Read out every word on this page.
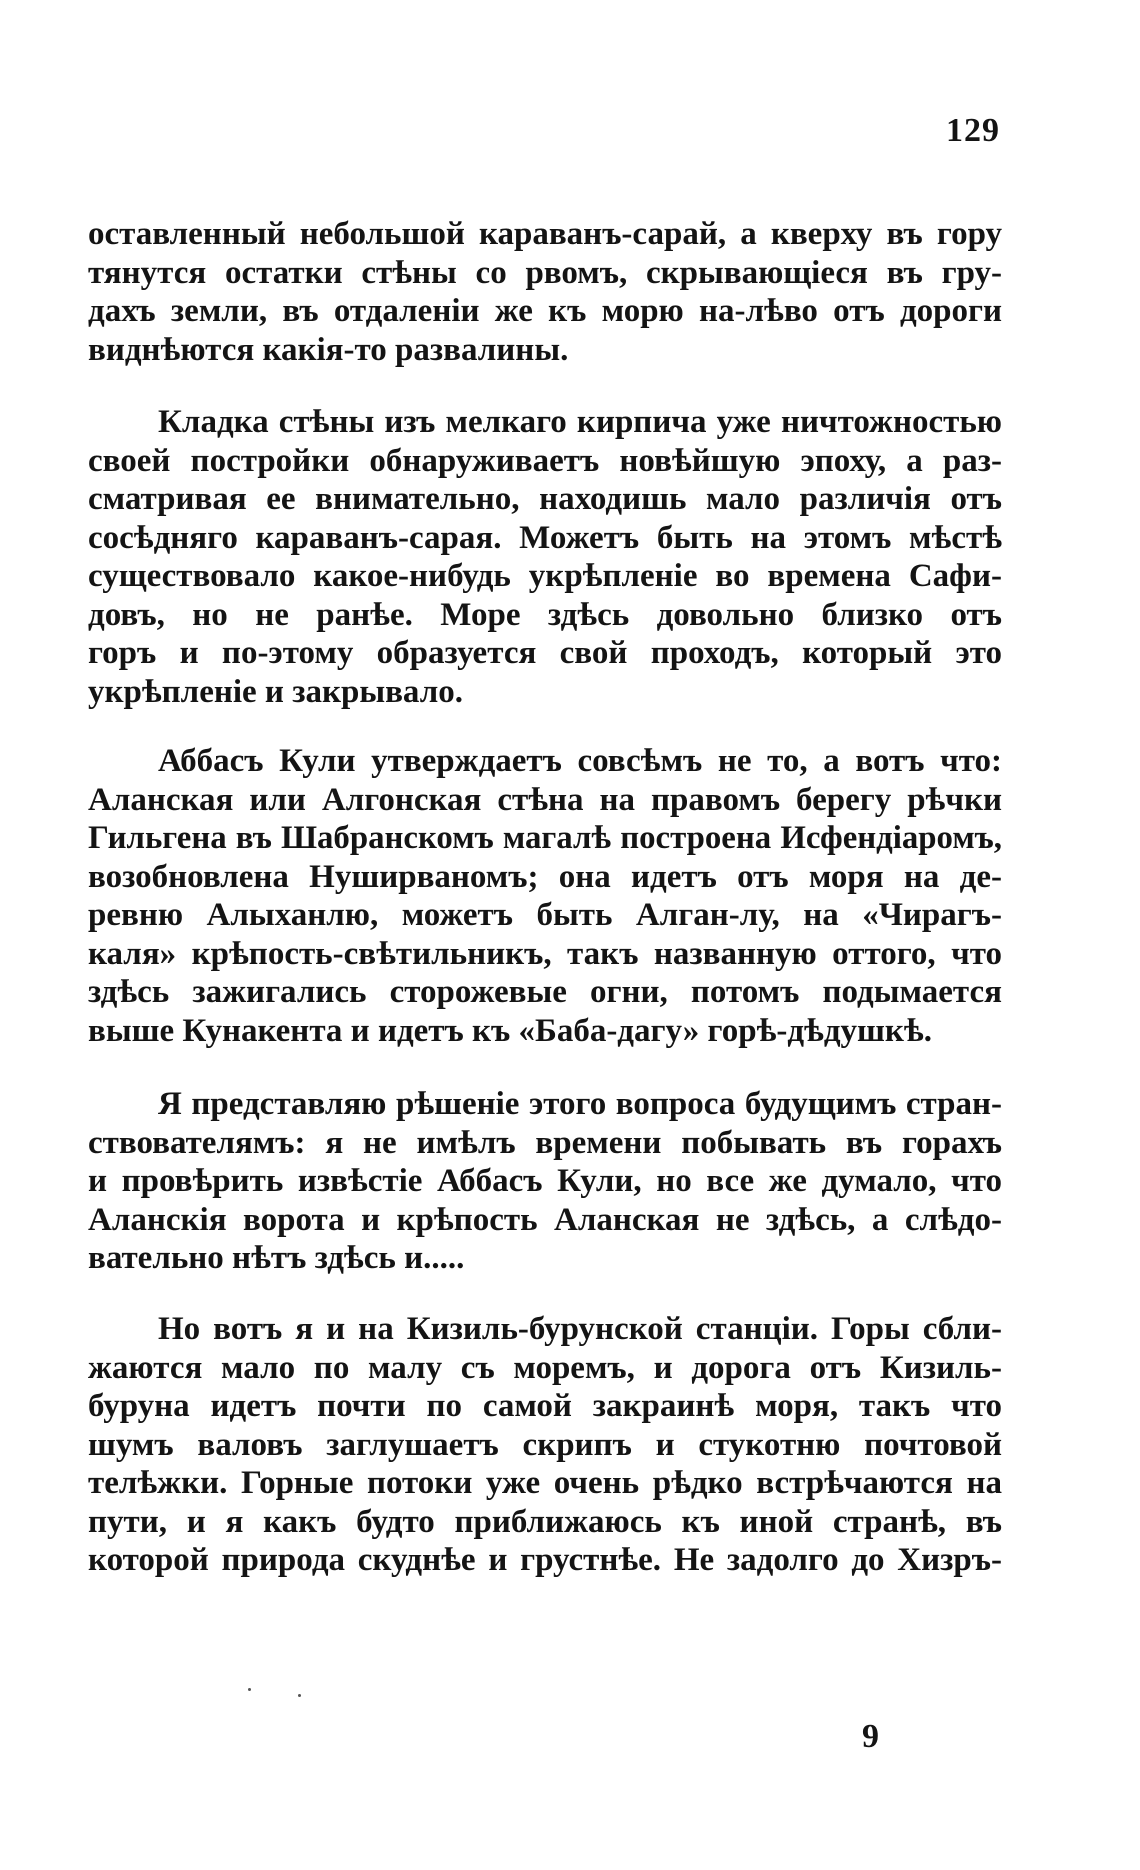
129
оставленный небольшой караванъ-сарай, а кверху въ гору
тянутся остатки стѣны со рвомъ, скрывающіеся въ гру-
дахъ земли, въ отдаленіи же къ морю на-лѣво отъ дороги
виднѣются какія-то развалины.
Кладка стѣны изъ мелкаго кирпича уже ничтожностью
своей постройки обнаруживаетъ новѣйшую эпоху, а раз-
сматривая ее внимательно, находишь мало различія отъ
сосѣдняго караванъ-сарая. Можетъ быть на этомъ мѣстѣ
существовало какое-нибудь укрѣпленіе во времена Сафи-
довъ, но не ранѣе. Море здѣсь довольно близко отъ
горъ и по-этому образуется свой проходъ, который это
укрѣпленіе и закрывало.
Аббасъ Кули утверждаетъ совсѣмъ не то, а вотъ что:
Аланская или Алгонская стѣна на правомъ берегу рѣчки
Гильгена въ Шабранскомъ магалѣ построена Исфендіаромъ,
возобновлена Нуширваномъ; она идетъ отъ моря на де-
ревню Алыханлю, можетъ быть Алган-лу, на «Чирагъ-
каля» крѣпость-свѣтильникъ, такъ названную оттого, что
здѣсь зажигались сторожевые огни, потомъ подымается
выше Кунакента и идетъ къ «Баба-дагу» горѣ-дѣдушкѣ.
Я представляю рѣшеніе этого вопроса будущимъ стран-
ствователямъ: я не имѣлъ времени побывать въ горахъ
и провѣрить извѣстіе Аббасъ Кули, но все же думало, что
Аланскія ворота и крѣпость Аланская не здѣсь, а слѣдо-
вательно нѣтъ здѣсь и.....
Но вотъ я и на Кизиль-бурунской станціи. Горы сбли-
жаются мало по малу съ моремъ, и дорога отъ Кизиль-
буруна идетъ почти по самой закраинѣ моря, такъ что
шумъ валовъ заглушаетъ скрипъ и стукотню почтовой
телѣжки. Горные потоки уже очень рѣдко встрѣчаются на
пути, и я какъ будто приближаюсь къ иной странѣ, въ
которой природа скуднѣе и грустнѣе. Не задолго до Хизръ-
9
